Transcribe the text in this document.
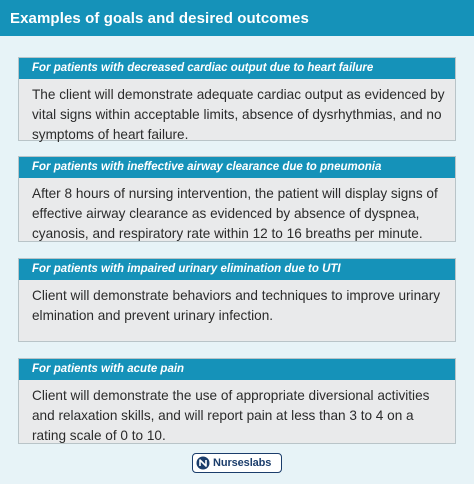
Examples of goals and desired outcomes
For patients with decreased cardiac output due to heart failure
The client will demonstrate adequate cardiac output as evidenced by vital signs within acceptable limits, absence of dysrhythmias, and no symptoms of heart failure.
For patients with ineffective airway clearance due to pneumonia
After 8 hours of nursing intervention, the patient will display signs of effective airway clearance as evidenced by absence of dyspnea, cyanosis, and respiratory rate within 12 to 16 breaths per minute.
For patients with impaired urinary elimination due to UTI
Client will demonstrate behaviors and techniques to improve urinary elmination and prevent urinary infection.
For patients with acute pain
Client will demonstrate the use of appropriate diversional activities and relaxation skills, and will report pain at less than 3 to 4 on a rating scale of 0 to 10.
Nurseslabs
